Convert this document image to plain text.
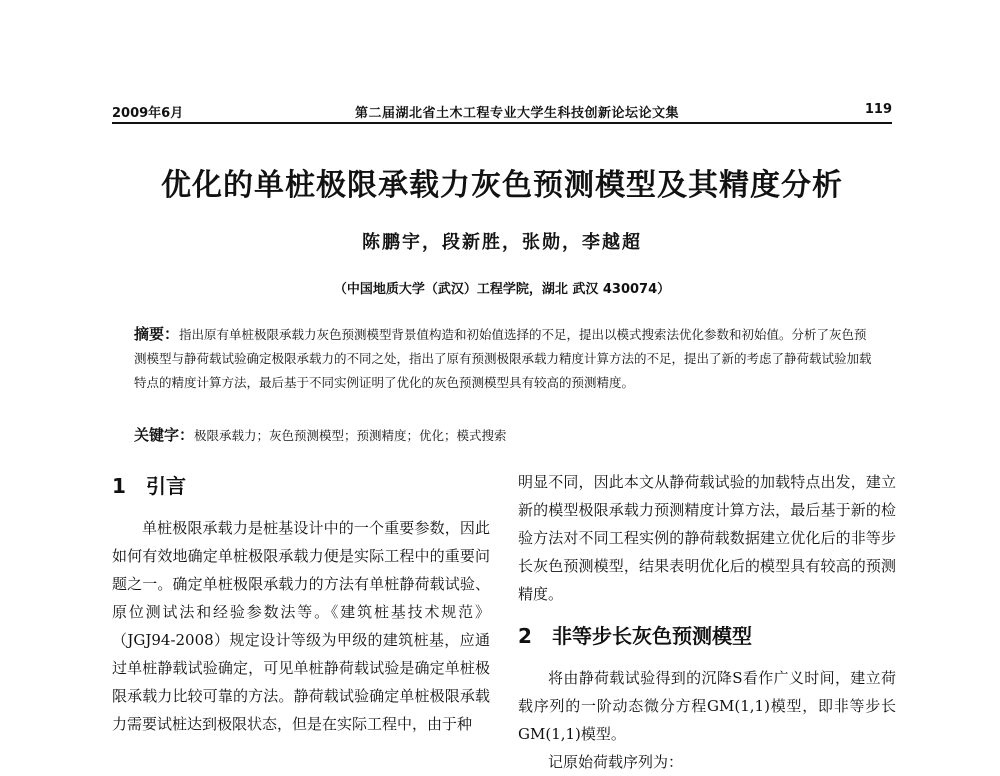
2009年6月	第二届湖北省土木工程专业大学生科技创新论坛论文集	119
优化的单桩极限承载力灰色预测模型及其精度分析
陈鹏宇，段新胜，张勋，李越超
（中国地质大学（武汉）工程学院，湖北 武汉 430074）
摘要：指出原有单桩极限承载力灰色预测模型背景值构造和初始值选择的不足，提出以模式搜索法优化参数和初始值。分析了灰色预测模型与静荷载试验确定极限承载力的不同之处，指出了原有预测极限承载力精度计算方法的不足，提出了新的考虑了静荷载试验加载特点的精度计算方法，最后基于不同实例证明了优化的灰色预测模型具有较高的预测精度。
关键字：极限承载力；灰色预测模型；预测精度；优化；模式搜索
1 引言

单桩极限承载力是桩基设计中的一个重要参数，因此如何有效地确定单桩极限承载力便是实际工程中的重要问题之一。确定单桩极限承载力的方法有单桩静荷载试验、原位测试法和经验参数法等。《建筑桩基技术规范》（JGJ94-2008）规定设计等级为甲级的建筑桩基，应通过单桩静载试验确定，可见单桩静荷载试验是确定单桩极限承载力比较可靠的方法。静荷载试验确定单桩极限承载力需要试桩达到极限状态，但是在实际工程中，由于种

明显不同，因此本文从静荷载试验的加载特点出发，建立新的模型极限承载力预测精度计算方法，最后基于新的检验方法对不同工程实例的静荷载数据建立优化后的非等步长灰色预测模型，结果表明优化后的模型具有较高的预测精度。

2 非等步长灰色预测模型

将由静荷载试验得到的沉降S看作广义时间，建立荷载序列的一阶动态微分方程GM(1,1)模型，即非等步长GM(1,1)模型。

记原始荷载序列为：
